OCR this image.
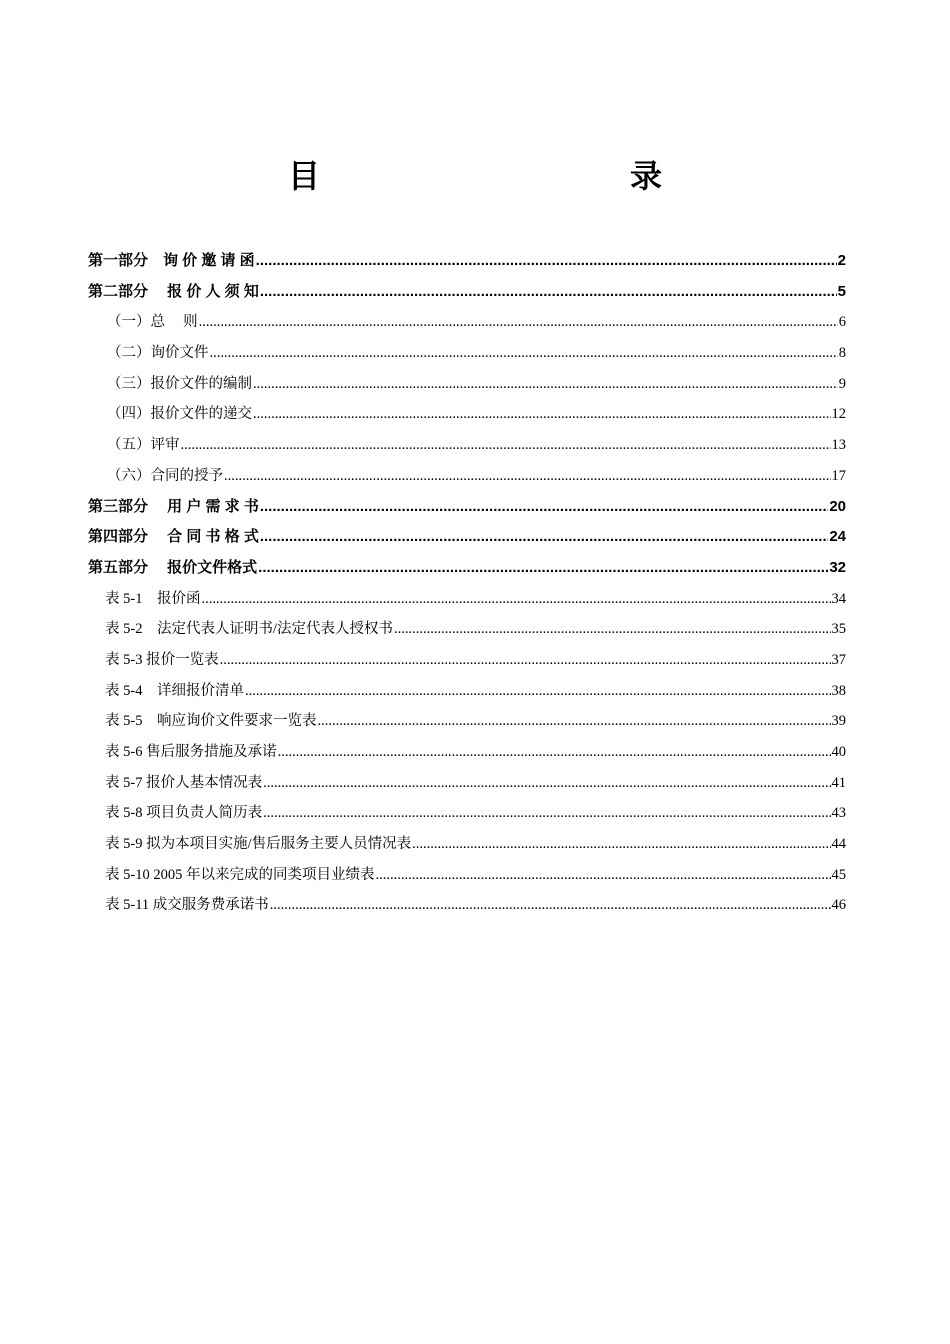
目　　录
第一部分　询 价 邀 请 函 .....	2
第二部分　 报 价 人 须 知 .....	5
（一）总　 则 .....	6
（二）询价文件 .....	8
（三）报价文件的编制 .....	9
（四）报价文件的递交 .....	12
（五）评审 .....	13
（六）合同的授予 .....	17
第三部分　 用 户 需 求 书 .....	20
第四部分　 合 同 书 格 式 .....	24
第五部分　 报价文件格式 .....	32
表 5-1　报价函 .....	34
表 5-2　法定代表人证明书/法定代表人授权书 .....	35
表 5-3 报价一览表 .....	37
表 5-4　详细报价清单 .....	38
表 5-5　响应询价文件要求一览表 .....	39
表 5-6 售后服务措施及承诺 .....	40
表 5-7 报价人基本情况表 .....	41
表 5-8 项目负责人简历表 .....	43
表 5-9 拟为本项目实施/售后服务主要人员情况表 .....	44
表 5-10 2005 年以来完成的同类项目业绩表 .....	45
表 5-11 成交服务费承诺书 .....	46
